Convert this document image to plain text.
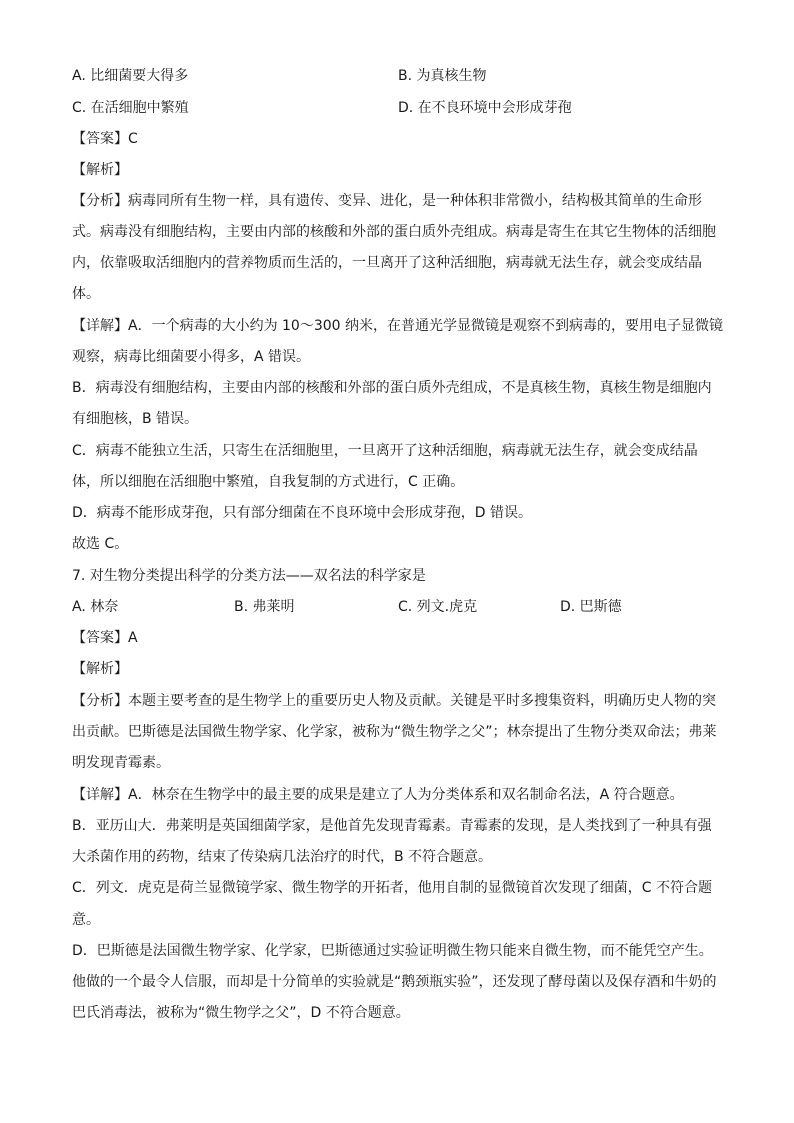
A. 比细菌要大得多	B. 为真核生物
C. 在活细胞中繁殖	D. 在不良环境中会形成芽孢
【答案】C
【解析】
【分析】病毒同所有生物一样，具有遗传、变异、进化，是一种体积非常微小，结构极其简单的生命形
式。病毒没有细胞结构，主要由内部的核酸和外部的蛋白质外壳组成。病毒是寄生在其它生物体的活细胞
内，依靠吸取活细胞内的营养物质而生活的，一旦离开了这种活细胞，病毒就无法生存，就会变成结晶
体。
【详解】A．一个病毒的大小约为 10～300 纳米，在普通光学显微镜是观察不到病毒的，要用电子显微镜
观察，病毒比细菌要小得多，A 错误。
B．病毒没有细胞结构，主要由内部的核酸和外部的蛋白质外壳组成，不是真核生物，真核生物是细胞内
有细胞核，B 错误。
C．病毒不能独立生活，只寄生在活细胞里，一旦离开了这种活细胞，病毒就无法生存，就会变成结晶
体，所以细胞在活细胞中繁殖，自我复制的方式进行，C 正确。
D．病毒不能形成芽孢，只有部分细菌在不良环境中会形成芽孢，D 错误。
故选 C。
7. 对生物分类提出科学的分类方法——双名法的科学家是
A. 林奈	B. 弗莱明	C. 列文.虎克	D. 巴斯德
【答案】A
【解析】
【分析】本题主要考查的是生物学上的重要历史人物及贡献。关键是平时多搜集资料，明确历史人物的突
出贡献。巴斯德是法国微生物学家、化学家，被称为“微生物学之父”；林奈提出了生物分类双命法；弗莱
明发现青霉素。
【详解】A．林奈在生物学中的最主要的成果是建立了人为分类体系和双名制命名法，A 符合题意。
B．亚历山大．弗莱明是英国细菌学家，是他首先发现青霉素。青霉素的发现，是人类找到了一种具有强
大杀菌作用的药物，结束了传染病几法治疗的时代，B 不符合题意。
C．列文．虎克是荷兰显微镜学家、微生物学的开拓者，他用自制的显微镜首次发现了细菌，C 不符合题
意。
D．巴斯德是法国微生物学家、化学家，巴斯德通过实验证明微生物只能来自微生物，而不能凭空产生。
他做的一个最令人信服，而却是十分简单的实验就是“鹅颈瓶实验”，还发现了酵母菌以及保存酒和牛奶的
巴氏消毒法，被称为“微生物学之父”，D 不符合题意。
